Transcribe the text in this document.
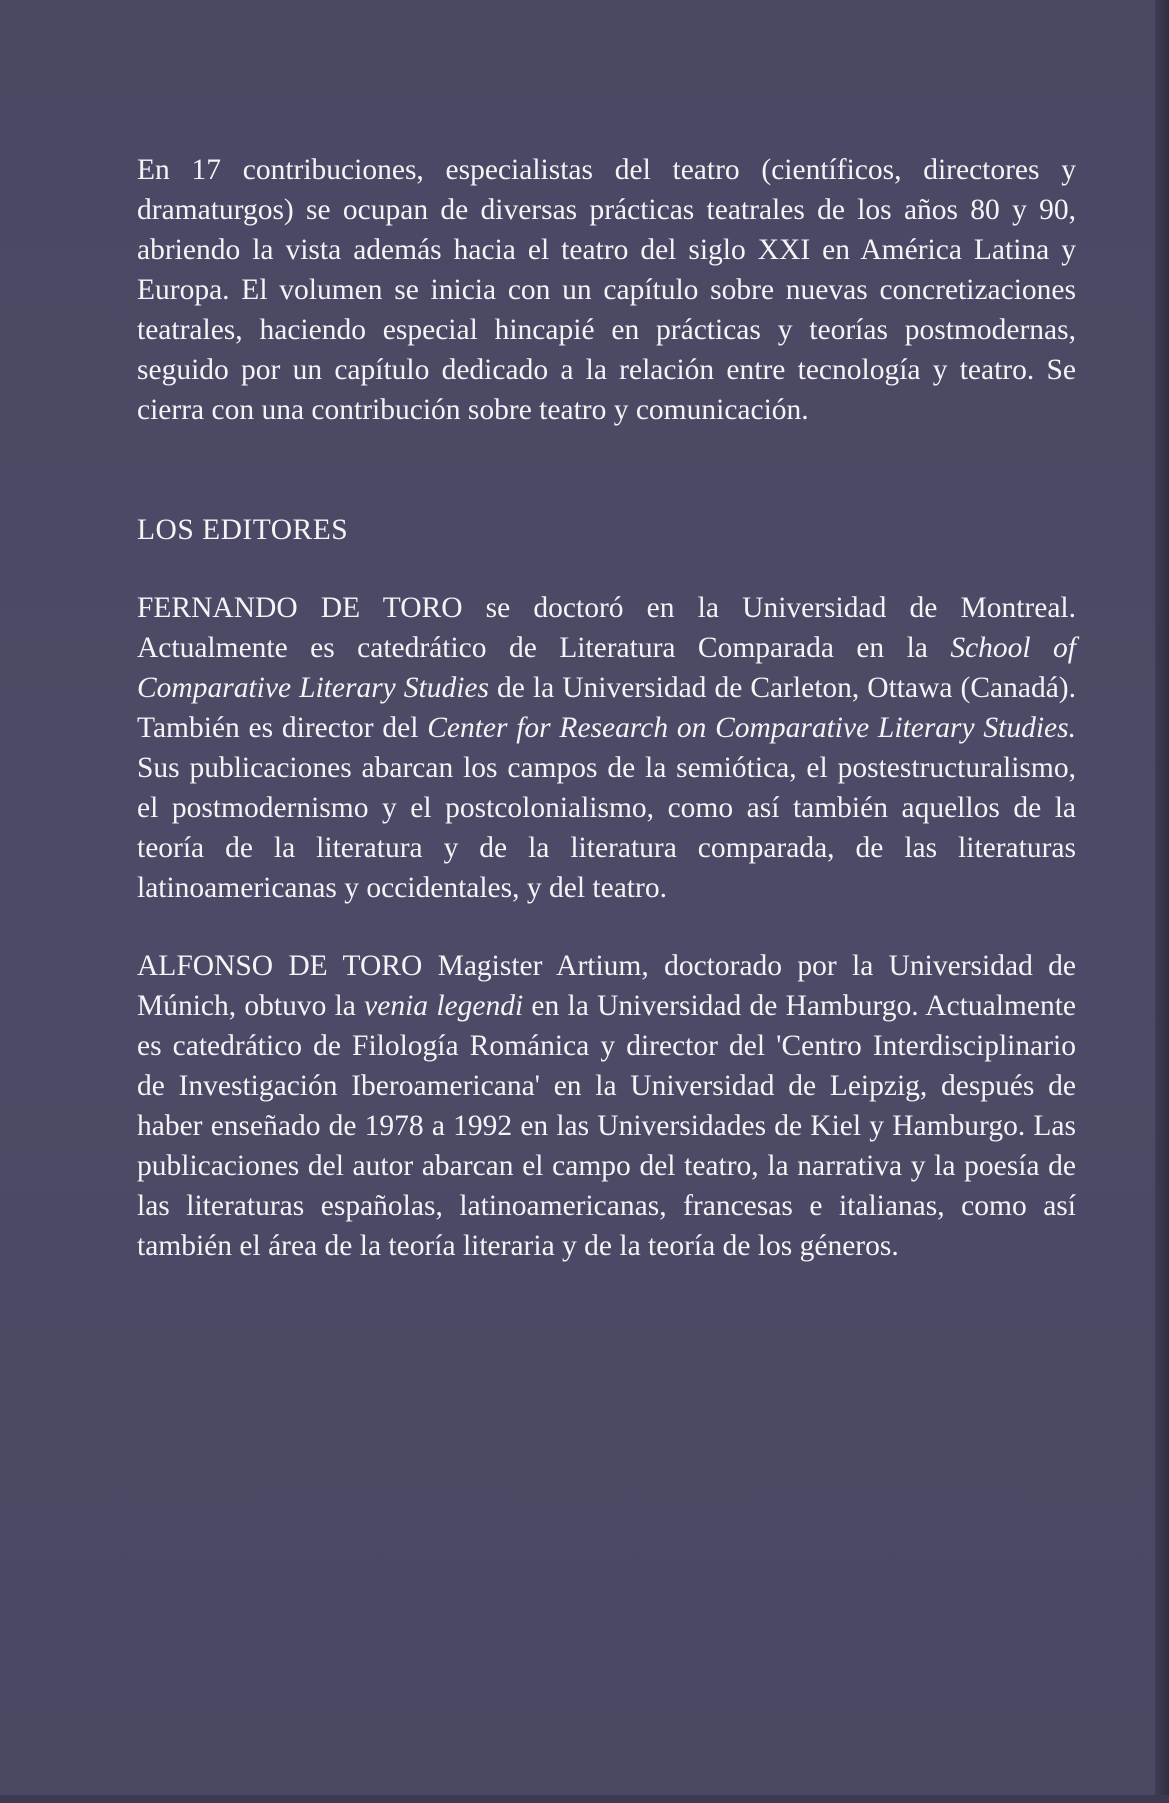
En 17 contribuciones, especialistas del teatro (científicos, directores y dramaturgos) se ocupan de diversas prácticas teatrales de los años 80 y 90, abriendo la vista además hacia el teatro del siglo XXI en América Latina y Europa. El volumen se inicia con un capítulo sobre nuevas concretizaciones teatrales, haciendo especial hincapié en prácticas y teorías postmodernas, seguido por un capítulo dedicado a la relación entre tecnología y teatro. Se cierra con una contribución sobre teatro y comunicación.

LOS EDITORES

FERNANDO DE TORO se doctoró en la Universidad de Montreal. Actualmente es catedrático de Literatura Comparada en la School of Comparative Literary Studies de la Universidad de Carleton, Ottawa (Canadá). También es director del Center for Research on Comparative Literary Studies. Sus publicaciones abarcan los campos de la semiótica, el postestructuralismo, el postmodernismo y el postcolonialismo, como así también aquellos de la teoría de la literatura y de la literatura comparada, de las literaturas latinoamericanas y occidentales, y del teatro.

ALFONSO DE TORO Magister Artium, doctorado por la Universidad de Múnich, obtuvo la venia legendi en la Universidad de Hamburgo. Actualmente es catedrático de Filología Románica y director del 'Centro Interdisciplinario de Investigación Iberoamericana' en la Universidad de Leipzig, después de haber enseñado de 1978 a 1992 en las Universidades de Kiel y Hamburgo. Las publicaciones del autor abarcan el campo del teatro, la narrativa y la poesía de las literaturas españolas, latinoamericanas, francesas e italianas, como así también el área de la teoría literaria y de la teoría de los géneros.
